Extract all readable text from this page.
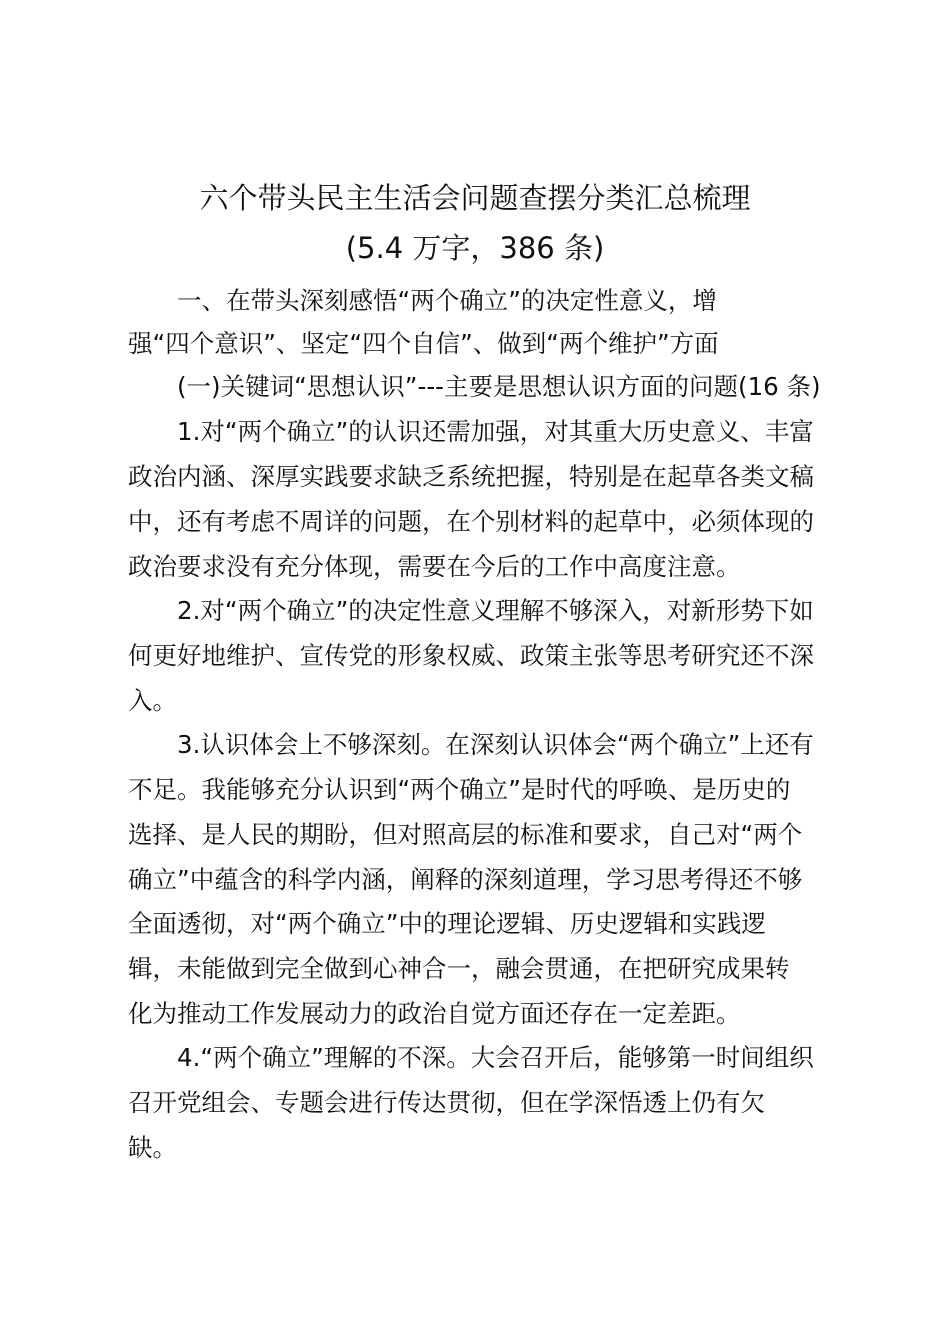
六个带头民主生活会问题查摆分类汇总梳理
(5.4 万字，386 条)

一、在带头深刻感悟“两个确立”的决定性意义，增

强“四个意识”、坚定“四个自信”、做到“两个维护”方面

(一)关键词“思想认识”---主要是思想认识方面的问题(16 条)

1.对“两个确立”的认识还需加强，对其重大历史意义、丰富

政治内涵、深厚实践要求缺乏系统把握，特别是在起草各类文稿

中，还有考虑不周详的问题，在个别材料的起草中，必须体现的

政治要求没有充分体现，需要在今后的工作中高度注意。

2.对“两个确立”的决定性意义理解不够深入，对新形势下如

何更好地维护、宣传党的形象权威、政策主张等思考研究还不深

入。

3.认识体会上不够深刻。在深刻认识体会“两个确立”上还有

不足。我能够充分认识到“两个确立”是时代的呼唤、是历史的

选择、是人民的期盼，但对照高层的标准和要求，自己对“两个

确立”中蕴含的科学内涵，阐释的深刻道理，学习思考得还不够

全面透彻，对“两个确立”中的理论逻辑、历史逻辑和实践逻

辑，未能做到完全做到心神合一，融会贯通，在把研究成果转

化为推动工作发展动力的政治自觉方面还存在一定差距。

4.“两个确立”理解的不深。大会召开后，能够第一时间组织

召开党组会、专题会进行传达贯彻，但在学深悟透上仍有欠

缺。
